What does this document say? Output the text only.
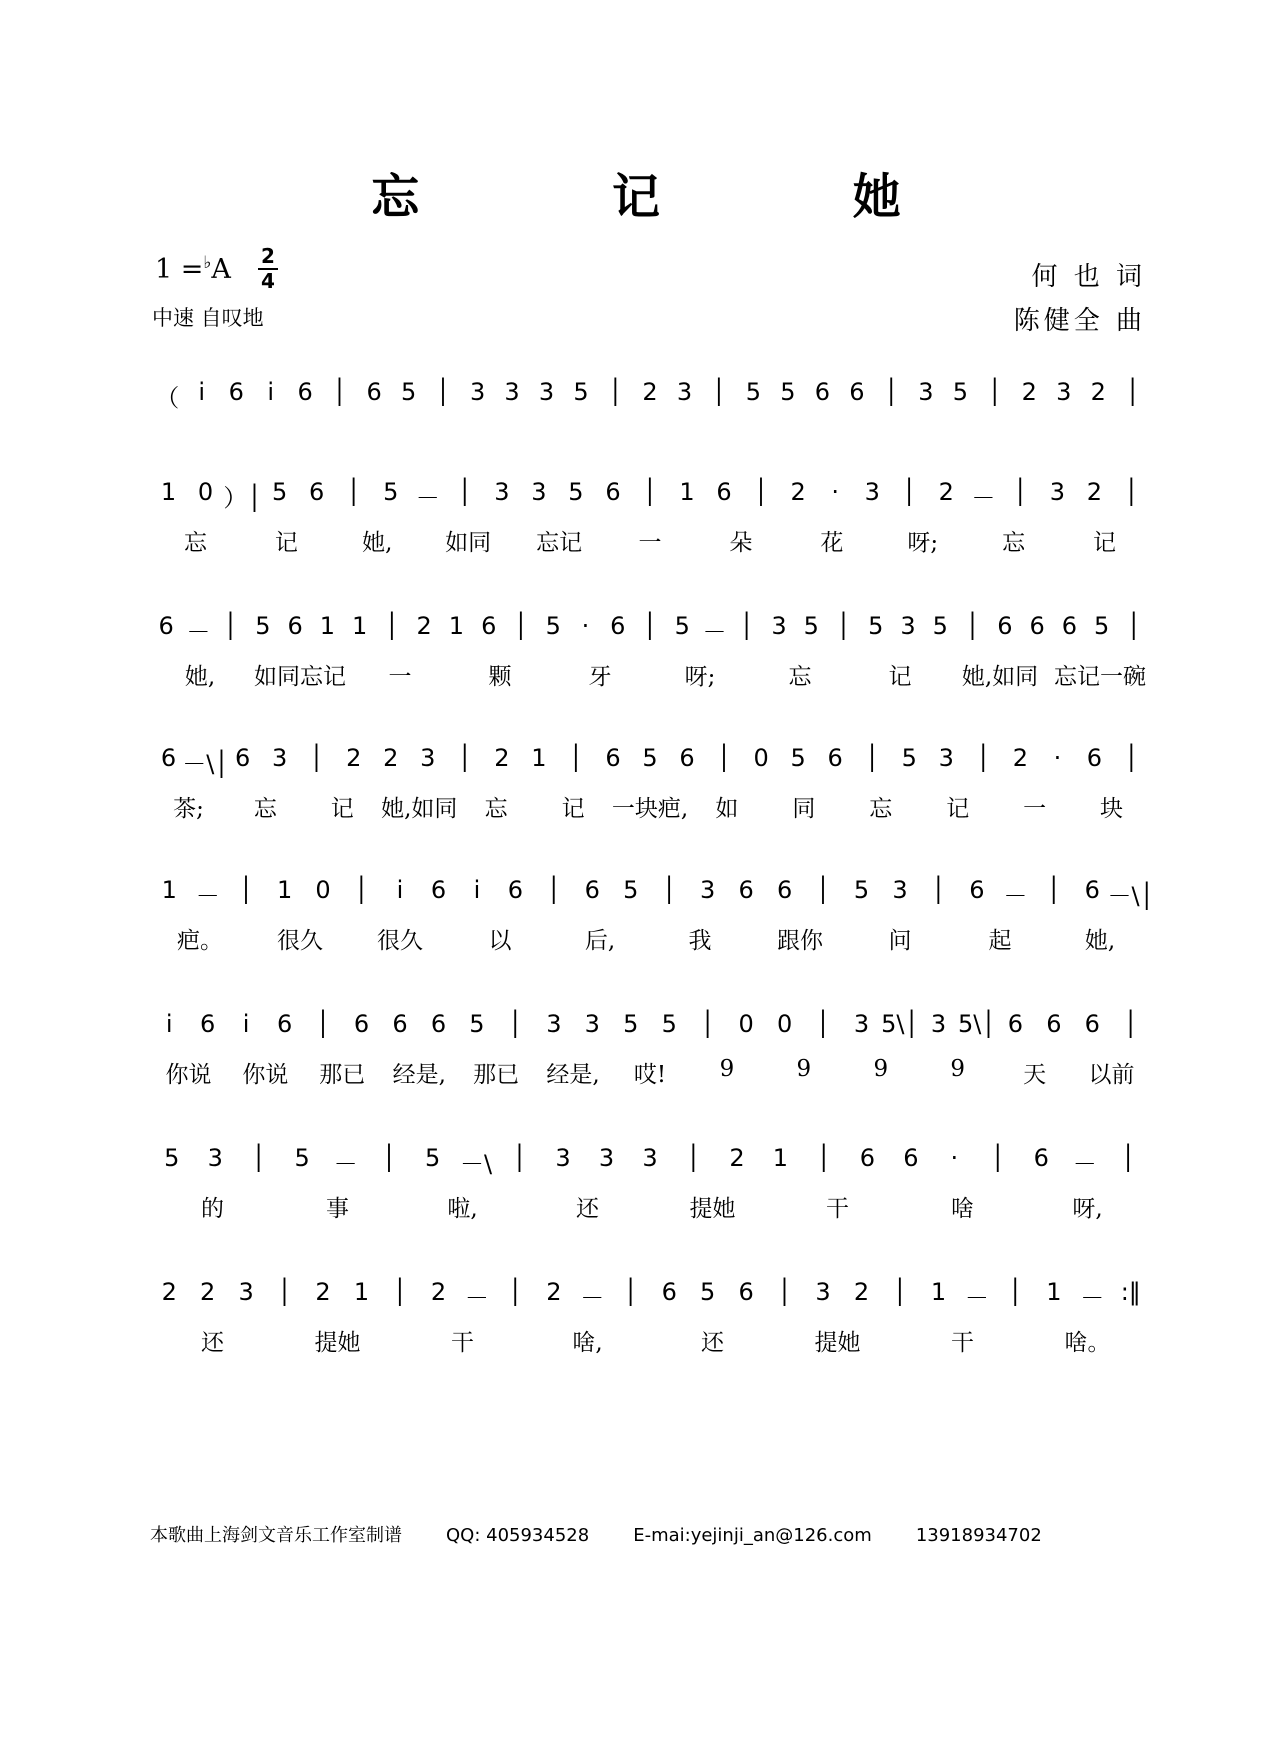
忘 记 她
1 =♭A 2
4
中速 自叹地
何 也 词
陈健全 曲
（ i 6 i 6 │ 6 5 │ 3 3 3 5 │ 2 3 │ 5 5 6 6 │ 3 5 │ 2 3 2 │
1 0 ）│ 5 6 │ 5 － │ 3 3 5 6 │ 1 6 │ 2 · 3 │ 2 － │ 3 2 │
忘	记	她, 如同 忘记 一	朵	花	呀;	忘	记
6 － │ 5 6 1 1 │ 2 1 6 │ 5 · 6 │ 5 － │ 3 5 │ 5 3 5 │ 6 6 6 5 │
她, 如同忘记 一	颗	牙	呀;	忘	记 她,如同 忘记一碗
6 －\│ 6 3 │ 2 2 3 │ 2 1 │ 6 5 6 │ 0 5 6 │ 5 3 │ 2 · 6 │
茶; 忘 记 她,如同 忘 记 一块疤, 如 同 忘 记 一 块
1 － │ 1 0 │ i 6 i 6 │ 6 5 │ 3 6 6 │ 5 3 │ 6 － │ 6 －\│
疤。 很久 很久	以	后,	我	跟你	问	起	她,
i 6 i 6 │ 6 6 6 5 │ 3 3 5 5 │ 0 0 │ 3 5\│ 3 5\│ 6 6 6 │
你说 你说 那已 经是, 那已 经是, 哎! 9	9	9	9	天 以前
5 3 │ 5 － │ 5 －\ │ 3 3 3 │ 2 1 │ 6 6 · │ 6 － │
的	事	啦,	还	提她	干	啥	呀,
2 2 3 │ 2 1 │ 2 － │ 2 － │ 6 5 6 │ 3 2 │ 1 － │ 1 － :‖
还	提她	干	啥,	还	提她	干	啥。
本歌曲上海剑文音乐工作室制谱 QQ: 405934528 E-mai:yejinji_an@126.com 13918934702
